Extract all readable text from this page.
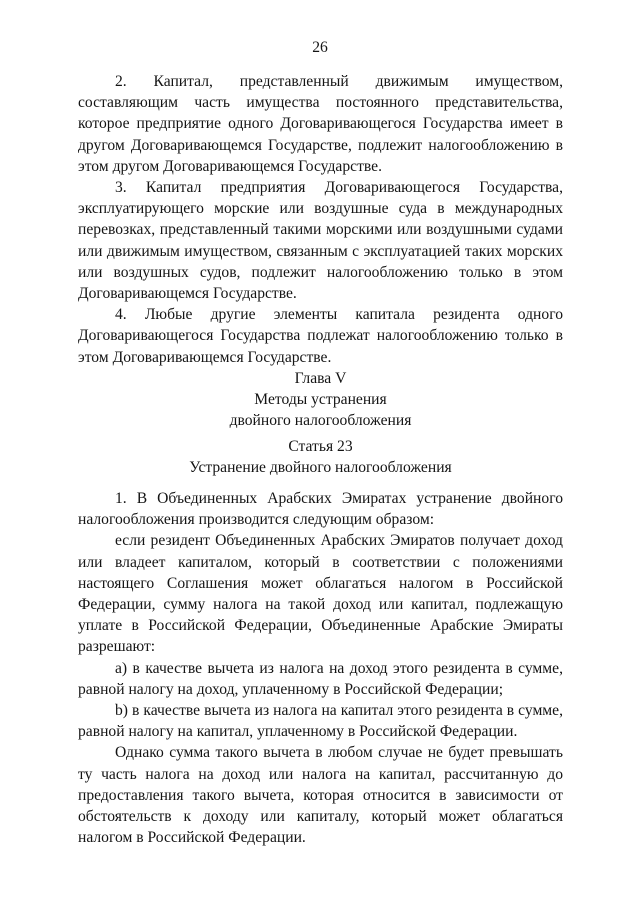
26

2. Капитал, представленный движимым имуществом, составляющим часть имущества постоянного представительства, которое предприятие одного Договаривающегося Государства имеет в другом Договаривающемся Государстве, подлежит налогообложению в этом другом Договаривающемся Государстве.

3. Капитал предприятия Договаривающегося Государства, эксплуатирующего морские или воздушные суда в международных перевозках, представленный такими морскими или воздушными судами или движимым имуществом, связанным с эксплуатацией таких морских или воздушных судов, подлежит налогообложению только в этом Договаривающемся Государстве.

4. Любые другие элементы капитала резидента одного Договаривающегося Государства подлежат налогообложению только в этом Договаривающемся Государстве.

Глава V
Методы устранения
двойного налогообложения
Статья 23
Устранение двойного налогообложения

1. В Объединенных Арабских Эмиратах устранение двойного налогообложения производится следующим образом:

если резидент Объединенных Арабских Эмиратов получает доход или владеет капиталом, который в соответствии с положениями настоящего Соглашения может облагаться налогом в Российской Федерации, сумму налога на такой доход или капитал, подлежащую уплате в Российской Федерации, Объединенные Арабские Эмираты разрешают:

a) в качестве вычета из налога на доход этого резидента в сумме, равной налогу на доход, уплаченному в Российской Федерации;

b) в качестве вычета из налога на капитал этого резидента в сумме, равной налогу на капитал, уплаченному в Российской Федерации.

Однако сумма такого вычета в любом случае не будет превышать ту часть налога на доход или налога на капитал, рассчитанную до предоставления такого вычета, которая относится в зависимости от обстоятельств к доходу или капиталу, который может облагаться налогом в Российской Федерации.
